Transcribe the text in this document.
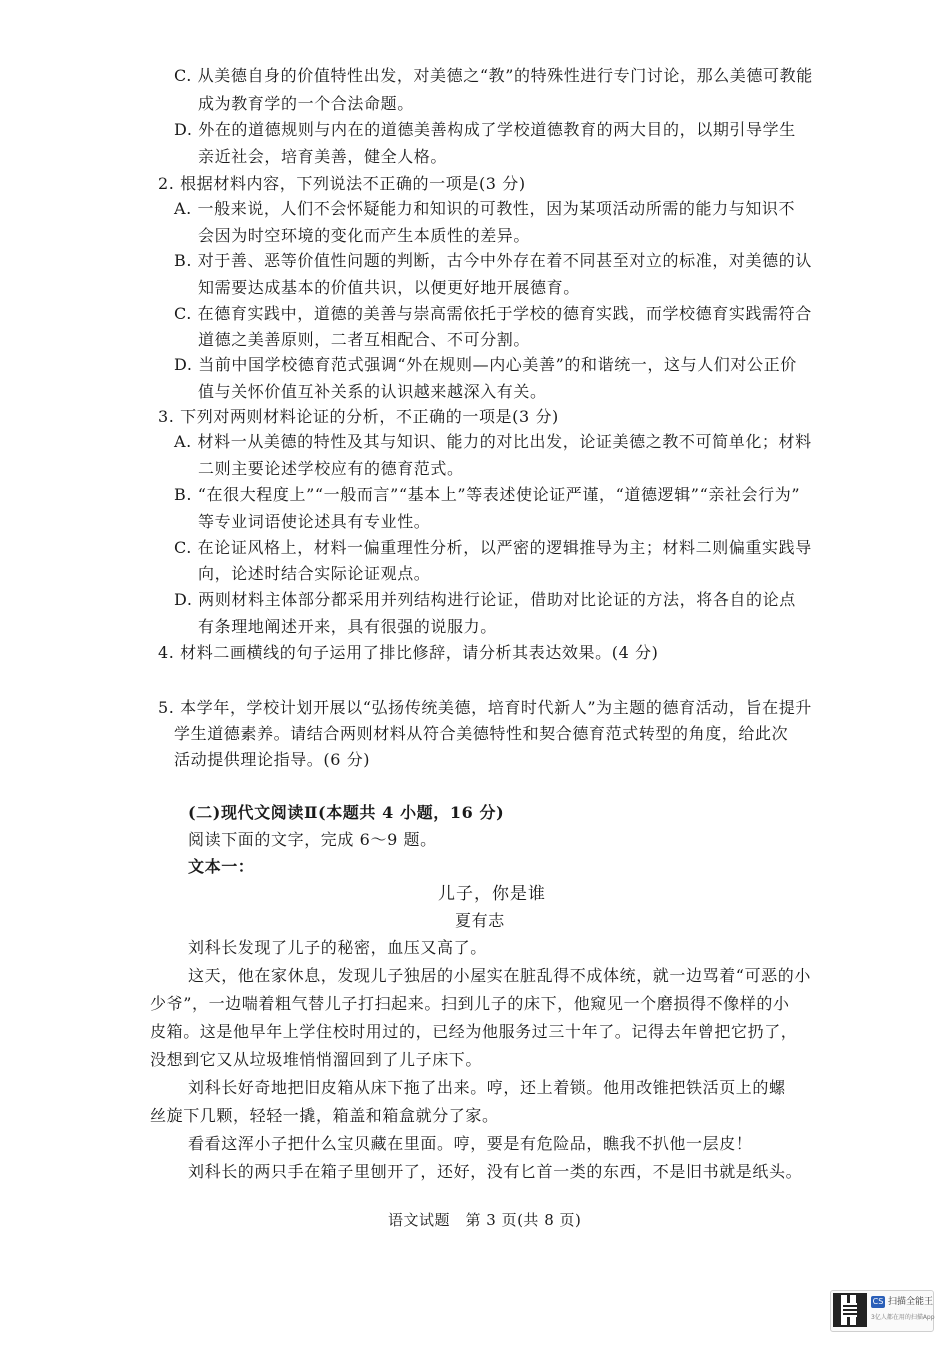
C. 从美德自身的价值特性出发，对美德之“教”的特殊性进行专门讨论，那么美德可教能
成为教育学的一个合法命题。
D. 外在的道德规则与内在的道德美善构成了学校道德教育的两大目的，以期引导学生
亲近社会，培育美善，健全人格。
2. 根据材料内容，下列说法不正确的一项是(3 分)
A. 一般来说，人们不会怀疑能力和知识的可教性，因为某项活动所需的能力与知识不
会因为时空环境的变化而产生本质性的差异。
B. 对于善、恶等价值性问题的判断，古今中外存在着不同甚至对立的标准，对美德的认
知需要达成基本的价值共识，以便更好地开展德育。
C. 在德育实践中，道德的美善与崇高需依托于学校的德育实践，而学校德育实践需符合
道德之美善原则，二者互相配合、不可分割。
D. 当前中国学校德育范式强调“外在规则—内心美善”的和谐统一，这与人们对公正价
值与关怀价值互补关系的认识越来越深入有关。
3. 下列对两则材料论证的分析，不正确的一项是(3 分)
A. 材料一从美德的特性及其与知识、能力的对比出发，论证美德之教不可简单化；材料
二则主要论述学校应有的德育范式。
B. “在很大程度上”“一般而言”“基本上”等表述使论证严谨，“道德逻辑”“亲社会行为”
等专业词语使论述具有专业性。
C. 在论证风格上，材料一偏重理性分析，以严密的逻辑推导为主；材料二则偏重实践导
向，论述时结合实际论证观点。
D. 两则材料主体部分都采用并列结构进行论证，借助对比论证的方法，将各自的论点
有条理地阐述开来，具有很强的说服力。
4. 材料二画横线的句子运用了排比修辞，请分析其表达效果。(4 分)
5. 本学年，学校计划开展以“弘扬传统美德，培育时代新人”为主题的德育活动，旨在提升
学生道德素养。请结合两则材料从符合美德特性和契合德育范式转型的角度，给此次
活动提供理论指导。(6 分)
(二)现代文阅读Ⅱ(本题共 4 小题，16 分)
阅读下面的文字，完成 6～9 题。
文本一：
儿子，你是谁
夏有志
刘科长发现了儿子的秘密，血压又高了。
这天，他在家休息，发现儿子独居的小屋实在脏乱得不成体统，就一边骂着“可恶的小
少爷”，一边喘着粗气替儿子打扫起来。扫到儿子的床下，他窥见一个磨损得不像样的小
皮箱。这是他早年上学住校时用过的，已经为他服务过三十年了。记得去年曾把它扔了，
没想到它又从垃圾堆悄悄溜回到了儿子床下。
刘科长好奇地把旧皮箱从床下拖了出来。哼，还上着锁。他用改锥把铁活页上的螺
丝旋下几颗，轻轻一撬，箱盖和箱盒就分了家。
看看这浑小子把什么宝贝藏在里面。哼，要是有危险品，瞧我不扒他一层皮！
刘科长的两只手在箱子里刨开了，还好，没有匕首一类的东西，不是旧书就是纸头。
语文试题　第 3 页(共 8 页)
CS 扫描全能王
3亿人都在用的扫描App
